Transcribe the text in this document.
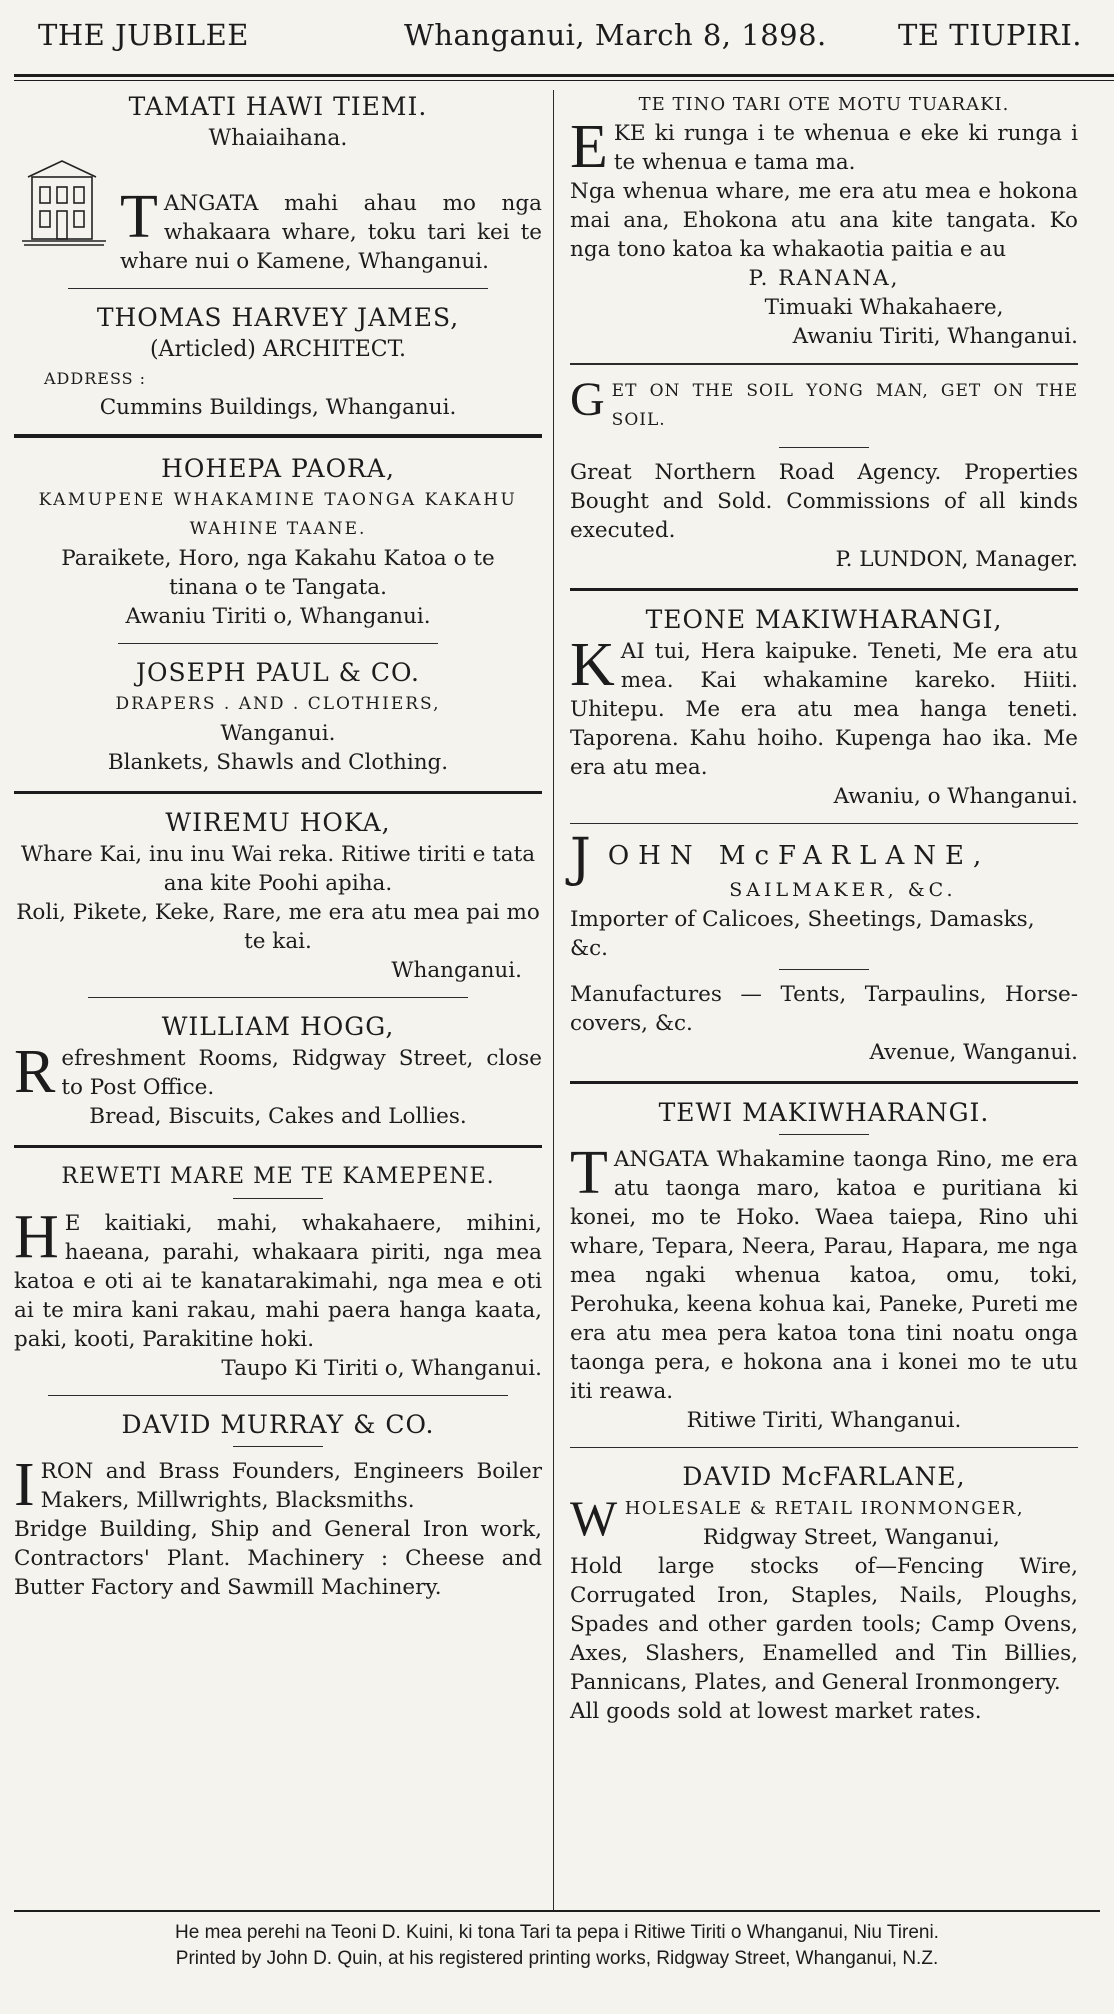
THE JUBILEE	Whanganui, March 8, 1898. TE TIUPIRI.
TAMATI HAWI TIEMI.
Whaiaihana.
TANGATA mahi ahau mo nga whakaara whare, toku tari kei te whare nui o Kamene, Whanganui.
THOMAS HARVEY JAMES,
(Articled) ARCHITECT.
ADDRESS :
Cummins Buildings, Whanganui.
HOHEPA PAORA,
KAMUPENE WHAKAMINE TAONGA KAKAHU
WAHINE TAANE.
Paraikete, Horo, nga Kakahu Katoa o te tinana o te Tangata.
Awaniu Tiriti o, Whanganui.
JOSEPH PAUL & CO.
DRAPERS . AND . CLOTHIERS,
Wanganui.
Blankets, Shawls and Clothing.
WIREMU HOKA,
Whare Kai, inu inu Wai reka. Ritiwe tiriti e tata ana kite Poohi apiha.
Roli, Pikete, Keke, Rare, me era atu mea pai mo te kai.
Whanganui.
WILLIAM HOGG,
Refreshment Rooms, Ridgway Street, close to Post Office.
Bread, Biscuits, Cakes and Lollies.
REWETI MARE ME TE KAMEPENE.
H E kaitiaki, mahi, whakahaere, mihini, haeana, parahi, whakaara piriti, nga mea katoa e oti ai te kanatarakimahi, nga mea e oti ai te mira kani rakau, mahi paera hanga kaata, paki, kooti, Parakitine hoki.
Taupo Ki Tiriti o, Whanganui.
DAVID MURRAY & CO.
IRON and Brass Founders, Engineers Boiler Makers, Millwrights, Blacksmiths.
Bridge Building, Ship and General Iron work, Contractors' Plant. Machinery : Cheese and Butter Factory and Sawmill Machinery.
TE TINO TARI OTE MOTU TUARAKI.
EKE ki runga i te whenua e eke ki runga i te whenua e tama ma.
Nga whenua whare, me era atu mea e hokona mai ana, Ehokona atu ana kite tangata. Ko nga tono katoa ka whakaotia paitia e au
P. RANANA,
Timuaki Whakahaere,
Awaniu Tiriti, Whanganui.
GET ON THE SOIL YONG MAN, GET ON THE SOIL.
Great Northern Road Agency. Properties Bought and Sold. Commissions of all kinds executed.
P. LUNDON, Manager.
TEONE MAKIWHARANGI,
KAI tui, Hera kaipuke. Teneti, Me era atu mea. Kai whakamine kareko. Hiiti. Uhitepu. Me era atu mea hanga teneti. Taporena. Kahu hoiho. Kupenga hao ika. Me era atu mea.
Awaniu, o Whanganui.
JOHN McFARLANE,
SAILMAKER, &C.
Importer of Calicoes, Sheetings, Damasks, &c.
Manufactures — Tents, Tarpaulins, Horse-covers, &c.
Avenue, Wanganui.
TEWI MAKIWHARANGI.
TANGATA Whakamine taonga Rino, me era atu taonga maro, katoa e puritiana ki konei, mo te Hoko. Waea taiepa, Rino uhi whare, Tepara, Neera, Parau, Hapara, me nga mea ngaki whenua katoa, omu, toki, Perohuka, keena kohua kai, Paneke, Pureti me era atu mea pera katoa tona tini noatu onga taonga pera, e hokona ana i konei mo te utu iti reawa.
Ritiwe Tiriti, Whanganui.
DAVID McFARLANE,
WHOLESALE & RETAIL IRONMONGER,
Ridgway Street, Wanganui,
Hold large stocks of—Fencing Wire, Corrugated Iron, Staples, Nails, Ploughs, Spades and other garden tools; Camp Ovens, Axes, Slashers, Enamelled and Tin Billies, Pannicans, Plates, and General Ironmongery.
All goods sold at lowest market rates.
He mea perehi na Teoni D. Kuini, ki tona Tari ta pepa i Ritiwe Tiriti o Whanganui, Niu Tireni.
Printed by John D. Quin, at his registered printing works, Ridgway Street, Whanganui, N.Z.
